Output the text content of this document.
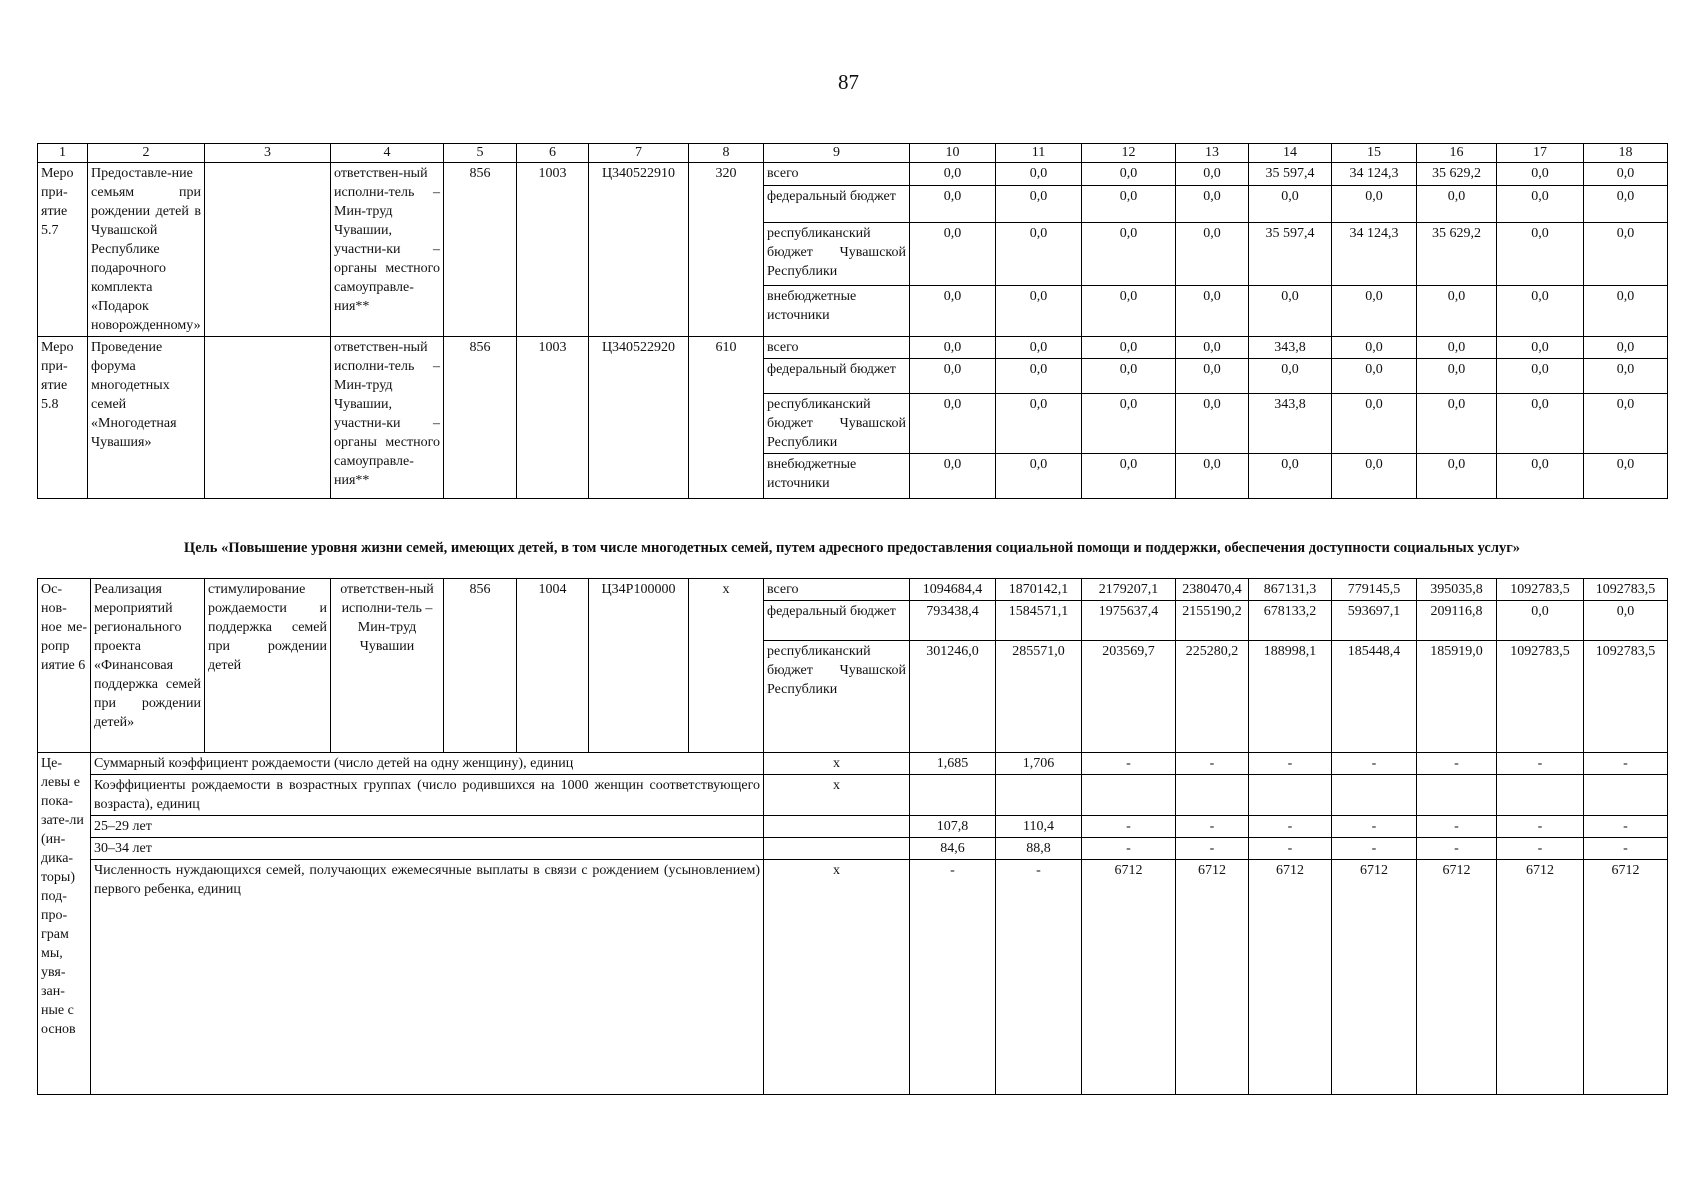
87
1	2	3	4	5	6	7	8	9	10	11	12	13	14	15	16	17	18
Меро при-ятие 5.7	Предоставле-ние семьям при рождении детей в Чувашской Республике подарочного комплекта «Подарок новорожденному»		ответствен-ный исполни-тель – Мин-труд Чувашии, участни-ки – органы местного самоуправле-ния**	856	1003	Ц340522910	320	всего	0,0	0,0	0,0	0,0	35 597,4	34 124,3	35 629,2	0,0	0,0
								федеральный бюджет	0,0	0,0	0,0	0,0	0,0	0,0	0,0	0,0	0,0
								республиканский бюджет Чувашской Республики	0,0	0,0	0,0	0,0	35 597,4	34 124,3	35 629,2	0,0	0,0
								внебюджетные источники	0,0	0,0	0,0	0,0	0,0	0,0	0,0	0,0	0,0
Меро при-ятие 5.8	Проведение форума многодетных семей «Многодетная Чувашия»		ответствен-ный исполни-тель – Мин-труд Чувашии, участни-ки – органы местного самоуправле-ния**	856	1003	Ц340522920	610	всего	0,0	0,0	0,0	0,0	343,8	0,0	0,0	0,0	0,0
								федеральный бюджет	0,0	0,0	0,0	0,0	0,0	0,0	0,0	0,0	0,0
								республиканский бюджет Чувашской Республики	0,0	0,0	0,0	0,0	343,8	0,0	0,0	0,0	0,0
								внебюджетные источники	0,0	0,0	0,0	0,0	0,0	0,0	0,0	0,0	0,0
Цель «Повышение уровня жизни семей, имеющих детей, в том числе многодетных семей, путем адресного предоставления социальной помощи и поддержки, обеспечения доступности социальных услуг»
Ос-нов-ное ме-ропр иятие 6	Реализация мероприятий регионального проекта «Финансовая поддержка семей при рождении детей»	стимулирование рождаемости и поддержка семей при рождении детей	ответствен-ный исполни-тель – Мин-труд Чувашии	856	1004	Ц34P100000	x	всего	1094684,4	1870142,1	2179207,1	2380470,4	867131,3	779145,5	395035,8	1092783,5	1092783,5
								федеральный бюджет	793438,4	1584571,1	1975637,4	2155190,2	678133,2	593697,1	209116,8	0,0	0,0
								республиканский бюджет Чувашской Республики	301246,0	285571,0	203569,7	225280,2	188998,1	185448,4	185919,0	1092783,5	1092783,5
Це-левы е пока-зате-ли (ин-дика-торы) под-про-грам мы, увя-зан-ные с основ	Суммарный коэффициент рождаемости (число детей на одну женщину), единиц							x	1,685	1,706	-	-	-	-	-	-	-
	Коэффициенты рождаемости в возрастных группах (число родившихся на 1000 женщин соответствующего возраста), единиц							x									
	25–29 лет								107,8	110,4	-	-	-	-	-	-	-
	30–34 лет								84,6	88,8	-	-	-	-	-	-	-
	Численность нуждающихся семей, получающих ежемесячные выплаты в связи с рождением (усыновлением) первого ребенка, единиц							x	-	-	6712	6712	6712	6712	6712	6712	6712
